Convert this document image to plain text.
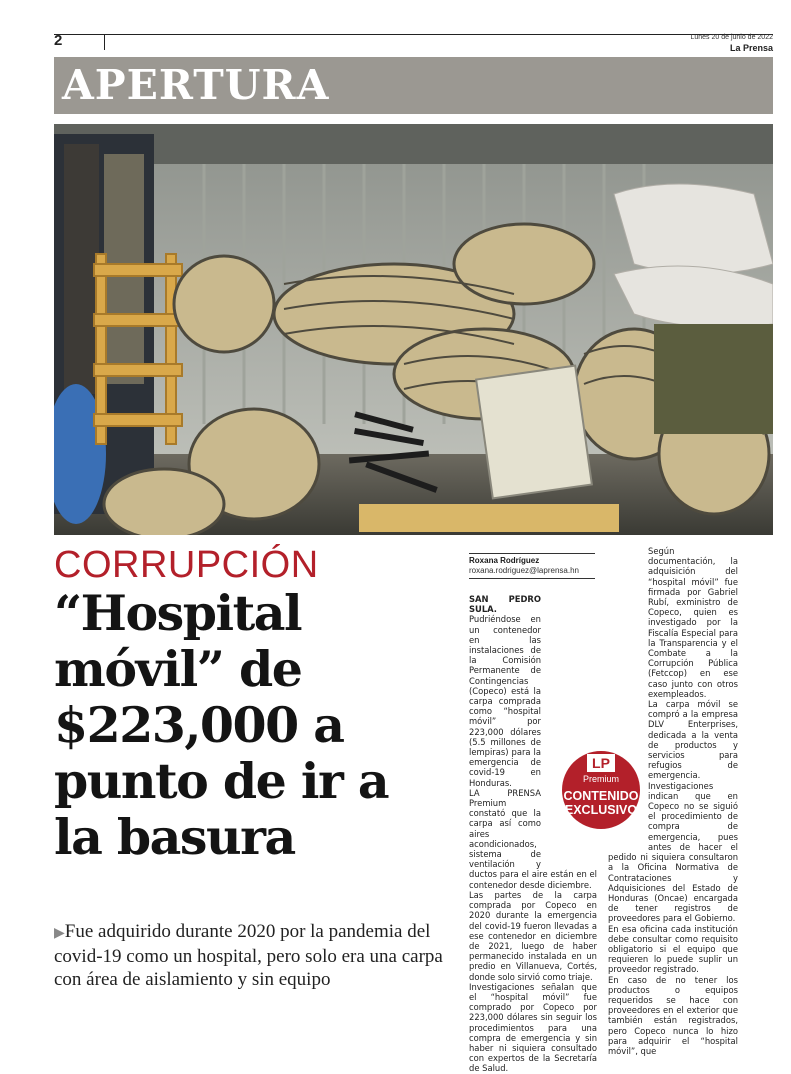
2	Lunes 20 de junio de 2022
La Prensa
APERTURA
CORRUPCIÓN
“Hospital móvil” de $223,000 a punto de ir a la basura
▶Fue adquirido durante 2020 por la pandemia del covid-19 como un hospital, pero solo era una carpa con área de aislamiento y sin equipo
Roxana Rodríguez
roxana.rodriguez@laprensa.hn

SAN PEDRO SULA. Pudriéndose en un contenedor en las instalaciones de la Comisión Permanente de Contingencias (Copeco) está la carpa comprada como “hospital móvil” por 223,000 dólares (5.5 millones de lempiras) para la emergencia de covid-19 en Honduras.

LA PRENSA Premium constató que la carpa así como aires acondicionados, sistema de ventilación y ductos para el aire están en el contenedor desde diciembre.

Las partes de la carpa comprada por Copeco en 2020 durante la emergencia del covid-19 fueron llevadas a ese contenedor en diciembre de 2021, luego de haber permanecido instalada en un predio en Villanueva, Cortés, donde solo sirvió como triaje.

Investigaciones señalan que el “hospital móvil” fue comprado por Copeco por 223,000 dólares sin seguir los procedimientos para una compra de emergencia y sin haber ni siquiera consultado con expertos de la Secretaría de Salud.

Según documentación, la adquisición del “hospital móvil” fue firmada por Gabriel Rubí, exministro de Copeco, quien es investigado por la Fiscalía Especial para la Transparencia y el Combate a la Corrupción Pública (Fetccop) en ese caso junto con otros exempleados.

La carpa móvil se compró a la empresa DLV Enterprises, dedicada a la venta de productos y servicios para refugios de emergencia.

Investigaciones indican que en Copeco no se siguió el procedimiento de compra de emergencia, pues antes de hacer el pedido ni siquiera consultaron a la Oficina Normativa de Contrataciones y Adquisiciones del Estado de Honduras (Oncae) encargada de tener registros de proveedores para el Gobierno.

En esa oficina cada institución debe consultar como requisito obligatorio si el equipo que requieren lo puede suplir un proveedor registrado.

En caso de no tener los productos o equipos requeridos se hace con proveedores en el exterior que también están registrados, pero Copeco nunca lo hizo para adquirir el “hospital móvil”, que

LP
Premium
CONTENIDO
EXCLUSIVO
